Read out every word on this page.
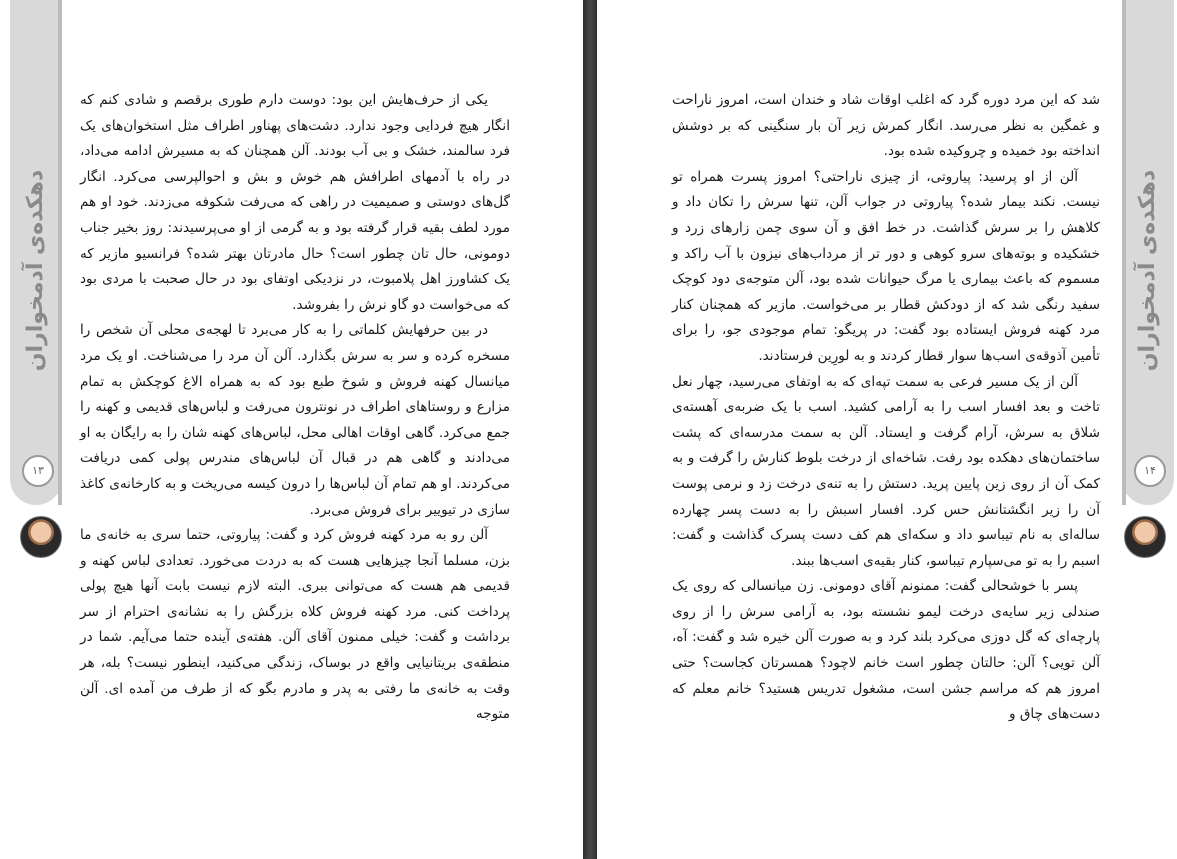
دهکده‌ی آدمخواران
۱۳

یکی از حرف‌هایش این بود: دوست دارم طوری برقصم و شادی کنم که انگار هیچ فردایی وجود ندارد. دشت‌های پهناور اطراف مثل استخوان‌های یک فرد سالمند، خشک و بی آب بودند. آلن همچنان که به مسیرش ادامه می‌داد، در راه با آدمهای اطرافش هم خوش و بش و احوالپرسی می‌کرد. انگار گل‌های دوستی و صمیمیت در راهی که می‌رفت شکوفه می‌زدند. خود او هم مورد لطف بقیه قرار گرفته بود و به گرمی از او می‌پرسیدند: روز بخیر جناب دومونی، حال تان چطور است؟ حال مادرتان بهتر شده؟ فرانسیو مازیر که یک کشاورز اهل پلامبوت، در نزدیکی اوتفای بود در حال صحبت با مردی بود که می‌خواست دو گاو نرش را بفروشد.

در بین حرفهایش کلماتی را به کار می‌برد تا لهجه‌ی محلی آن شخص را مسخره کرده و سر به سرش بگذارد. آلن آن مرد را می‌شناخت. او یک مرد میانسال کهنه فروش و شوخ طبع بود که به همراه الاغ کوچکش به تمام مزارع و روستاهای اطراف در نونترون می‌رفت و لباس‌های قدیمی و کهنه را جمع می‌کرد. گاهی اوقات اهالی محل، لباس‌های کهنه شان را به رایگان به او می‌دادند و گاهی هم در قبال آن لباس‌های مندرس پولی کمی دریافت می‌کردند. او هم تمام آن لباس‌ها را درون کیسه می‌ریخت و به کارخانه‌ی کاغذ سازی در تیوییر برای فروش می‌برد.

آلن رو به مرد کهنه فروش کرد و گفت: پیاروتی، حتما سری به خانه‌ی ما بزن، مسلما آنجا چیزهایی هست که به دردت می‌خورد. تعدادی لباس کهنه و قدیمی هم هست که می‌توانی ببری. البته لازم نیست بابت آنها هیچ پولی پرداخت کنی. مرد کهنه فروش کلاه بزرگش را به نشانه‌ی احترام از سر برداشت و گفت: خیلی ممنون آقای آلن. هفته‌ی آینده حتما می‌آیم. شما در منطقه‌ی بریتانیایی واقع در بوساک، زندگی می‌کنید، اینطور نیست؟ بله، هر وقت به خانه‌ی ما رفتی به پدر و مادرم بگو که از طرف من آمده ای. آلن متوجه

شد که این مرد دوره گرد که اغلب اوقات شاد و خندان است، امروز ناراحت و غمگین به نظر می‌رسد. انگار کمرش زیر آن بار سنگینی که بر دوشش انداخته بود خمیده و چروکیده شده بود.

آلن از او پرسید: پیاروتی، از چیزی ناراحتی؟ امروز پسرت همراه تو نیست. نکند بیمار شده؟ پیاروتی در جواب آلن، تنها سرش را تکان داد و کلاهش را بر سرش گذاشت. در خط افق و آن سوی چمن زارهای زرد و خشکیده و بوته‌های سرو کوهی و دور تر از مرداب‌های نیزون با آب راکد و مسموم که باعث بیماری یا مرگ حیوانات شده بود، آلن متوجه‌ی دود کوچک سفید رنگی شد که از دودکش قطار بر می‌خواست. مازیر که همچنان کنار مرد کهنه فروش ایستاده بود گفت: در پریگو: تمام موجودی جو، را برای تأمین آذوقه‌ی اسب‌ها سوار قطار کردند و به لورِین فرستادند.

آلن از یک مسیر فرعی به سمت تپه‌ای که به اوتفای می‌رسید، چهار نعل تاخت و بعد افسار اسب را به آرامی کشید. اسب با یک ضربه‌ی آهسته‌ی شلاق به سرش، آرام گرفت و ایستاد. آلن به سمت مدرسه‌ای که پشت ساختمان‌های دهکده بود رفت. شاخه‌ای از درخت بلوط کنارش را گرفت و به کمک آن از روی زین پایین پرید. دستش را به تنه‌ی درخت زد و نرمی پوست آن را زیر انگشتانش حس کرد. افسار اسبش را به دست پسر چهارده ساله‌ای به نام تیباسو داد و سکه‌ای هم کف دست پسرک گذاشت و گفت: اسبم را به تو می‌سپارم تیباسو، کنار بقیه‌ی اسب‌ها ببند.

پسر با خوشحالی گفت: ممنونم آقای دومونی. زن میانسالی که روی یک صندلی زیر سایه‌ی درخت لیمو نشسته بود، به آرامی سرش را از روی پارچه‌ای که گل دوزی می‌کرد بلند کرد و به صورت آلن خیره شد و گفت: آه، آلن تویی؟ آلن: حالتان چطور است خانم لاچود؟ همسرتان کجاست؟ حتی امروز هم که مراسم جشن است، مشغول تدریس هستید؟ خانم معلم که دست‌های چاق و

دهکده‌ی آدمخواران
۱۴
